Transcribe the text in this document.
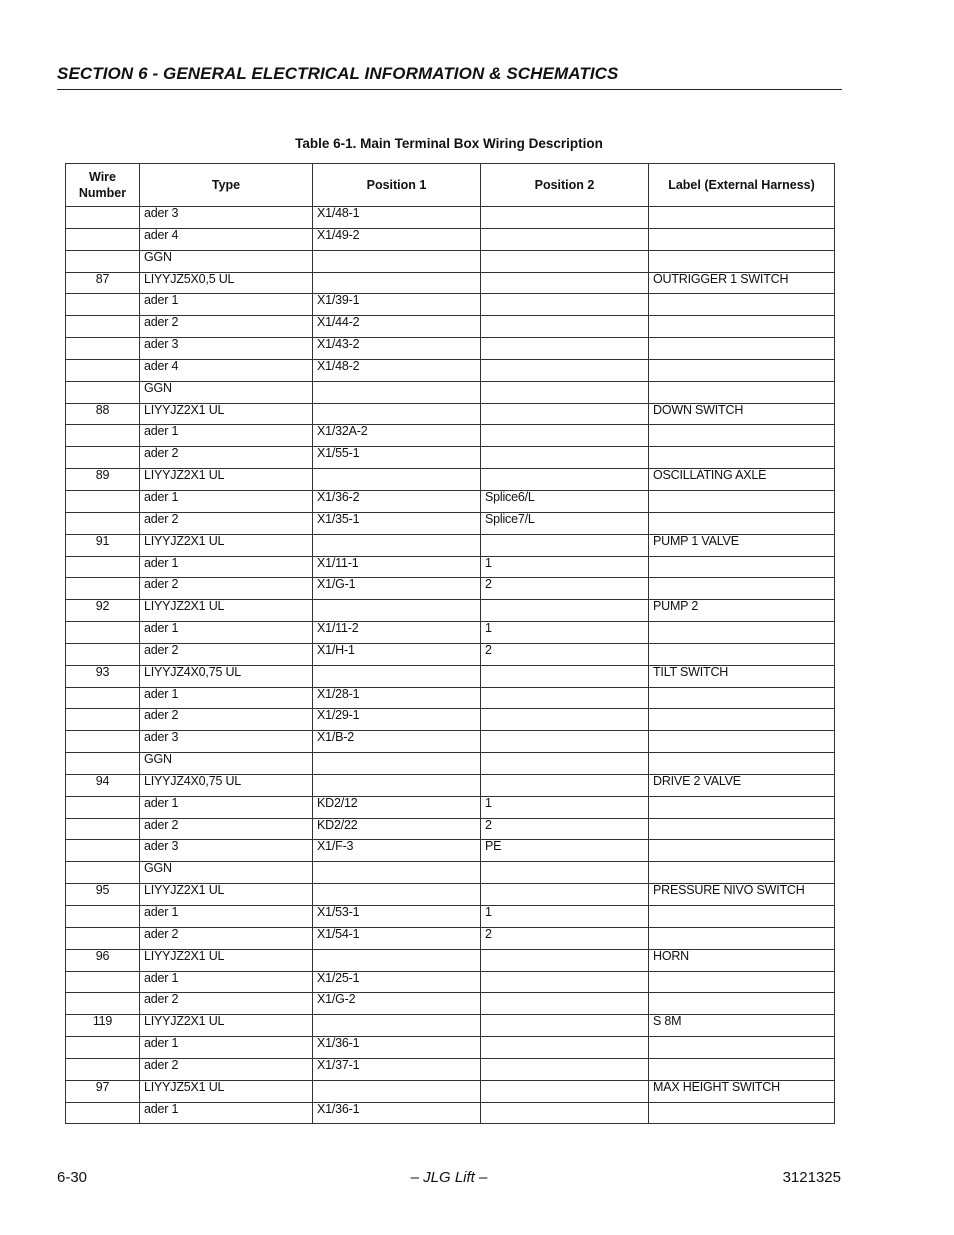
SECTION 6 - GENERAL ELECTRICAL INFORMATION & SCHEMATICS
Table 6-1. Main Terminal Box Wiring Description
Wire
Number	Type	Position 1	Position 2	Label (External Harness)
	ader 3	X1/48-1		
	ader 4	X1/49-2		
	GGN			
87	LIYYJZ5X0,5 UL			OUTRIGGER 1 SWITCH
	ader 1	X1/39-1		
	ader 2	X1/44-2		
	ader 3	X1/43-2		
	ader 4	X1/48-2		
	GGN			
88	LIYYJZ2X1 UL			DOWN SWITCH
	ader 1	X1/32A-2		
	ader 2	X1/55-1		
89	LIYYJZ2X1 UL			OSCILLATING AXLE
	ader 1	X1/36-2	Splice6/L	
	ader 2	X1/35-1	Splice7/L	
91	LIYYJZ2X1 UL			PUMP 1 VALVE
	ader 1	X1/11-1	1	
	ader 2	X1/G-1	2	
92	LIYYJZ2X1 UL			PUMP 2
	ader 1	X1/11-2	1	
	ader 2	X1/H-1	2	
93	LIYYJZ4X0,75 UL			TILT SWITCH
	ader 1	X1/28-1		
	ader 2	X1/29-1		
	ader 3	X1/B-2		
	GGN			
94	LIYYJZ4X0,75 UL			DRIVE 2 VALVE
	ader 1	KD2/12	1	
	ader 2	KD2/22	2	
	ader 3	X1/F-3	PE	
	GGN			
95	LIYYJZ2X1 UL			PRESSURE NIVO SWITCH
	ader 1	X1/53-1	1	
	ader 2	X1/54-1	2	
96	LIYYJZ2X1 UL			HORN
	ader 1	X1/25-1		
	ader 2	X1/G-2		
119	LIYYJZ2X1 UL			S 8M
	ader 1	X1/36-1		
	ader 2	X1/37-1		
97	LIYYJZ5X1 UL			MAX HEIGHT SWITCH
	ader 1	X1/36-1		
6-30	– JLG Lift –	3121325
